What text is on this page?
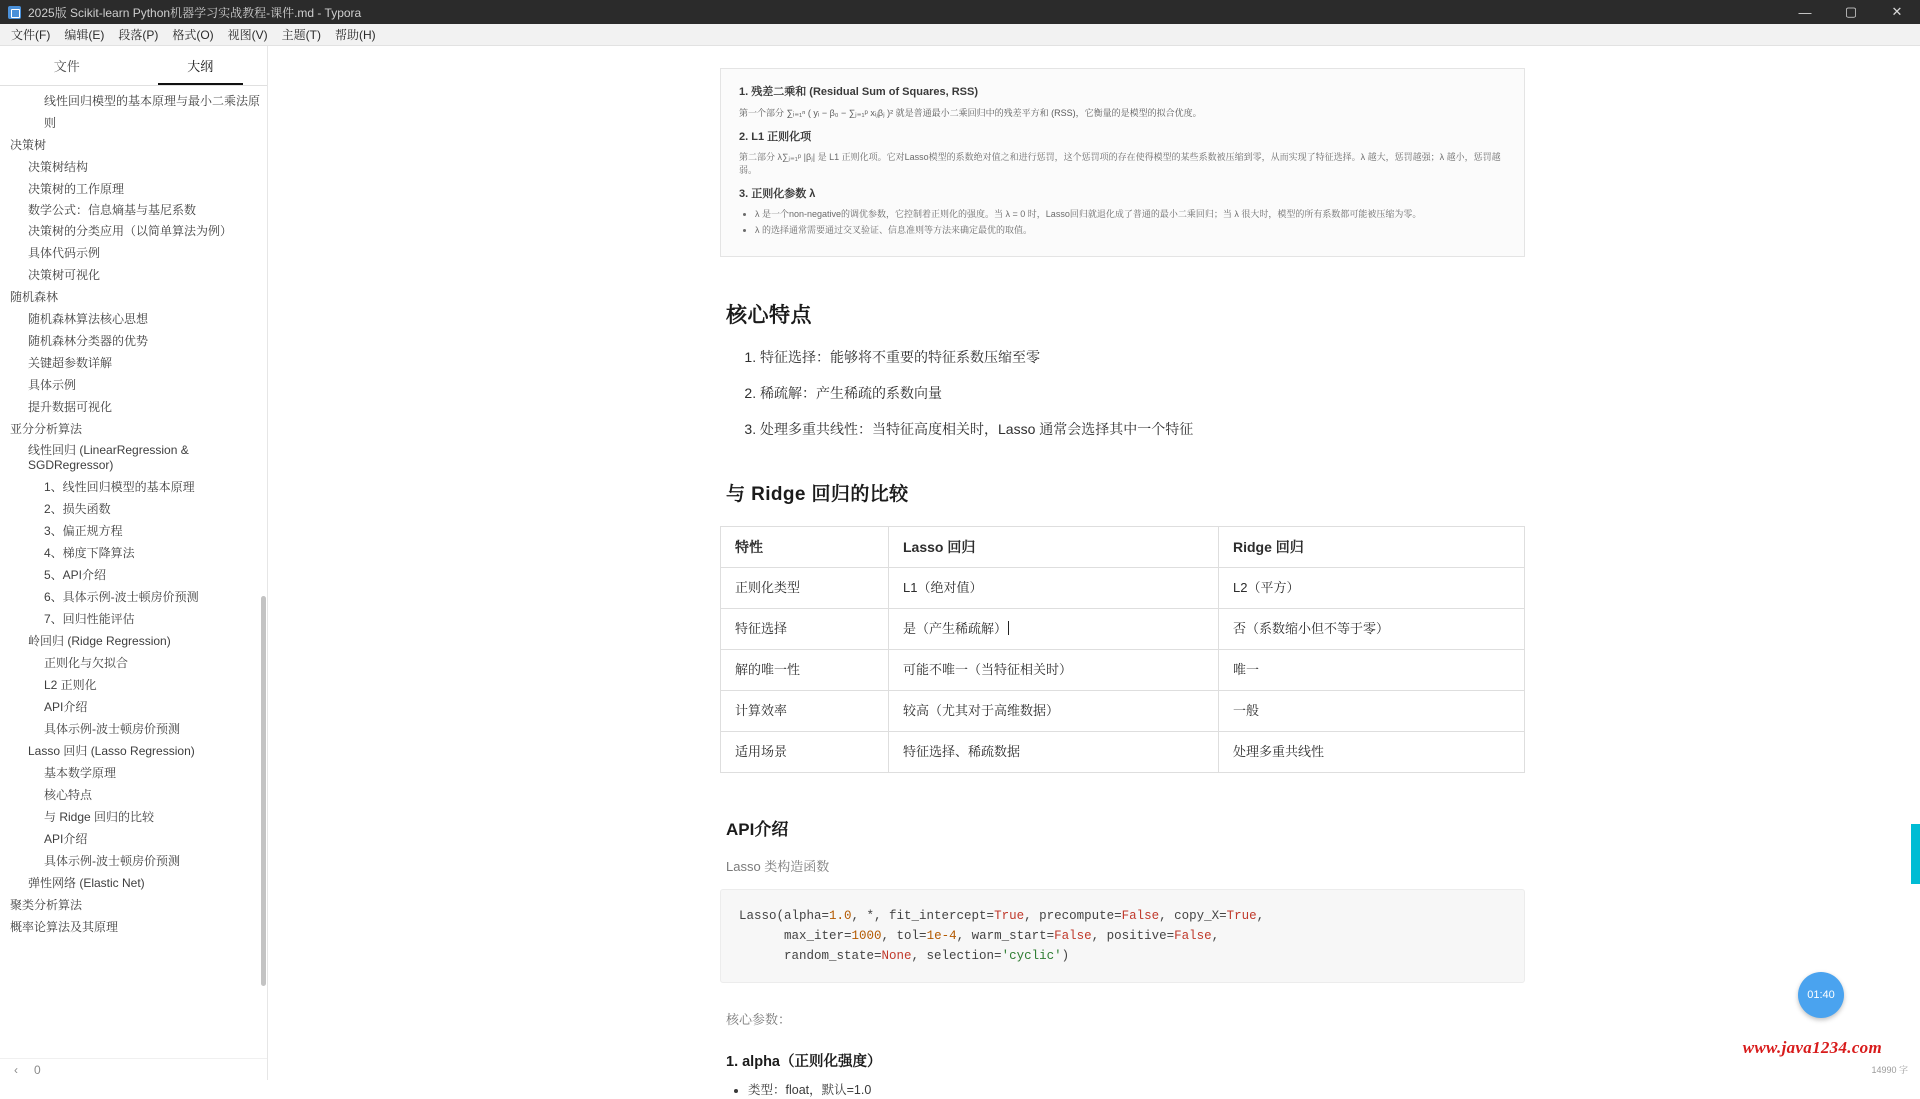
2025版 Scikit-learn Python机器学习实战教程-课件.md - Typora	—	▢	✕
文件(F)	编辑(E)	段落(P)	格式(O)	视图(V)	主题(T)	帮助(H)
文件	大纲
线性回归模型的基本原理与最小二乘法原
则
决策树
决策树结构
决策树的工作原理
数学公式：信息熵基与基尼系数
决策树的分类应用（以简单算法为例）
具体代码示例
决策树可视化
随机森林
随机森林算法核心思想
随机森林分类器的优势
关键超参数详解
具体示例
提升数据可视化
亚分分析算法
线性回归 (LinearRegression & SGDRegressor)
1、线性回归模型的基本原理
2、损失函数
3、偏正规方程
4、梯度下降算法
5、API介绍
6、具体示例-波士顿房价预测
7、回归性能评估
岭回归 (Ridge Regression)
正则化与欠拟合
L2 正则化
API介绍
具体示例-波士顿房价预测
Lasso 回归 (Lasso Regression)
基本数学原理
核心特点
与 Ridge 回归的比较
API介绍
具体示例-波士顿房价预测
弹性网络 (Elastic Net)
聚类分析算法
概率论算法及其原理
‹ 0
1. 残差二乘和 (Residual Sum of Squares, RSS)
第一个部分 ∑ᵢ₌₁ⁿ ( yᵢ − β₀ − ∑ⱼ₌₁ᵖ xᵢⱼβⱼ )² 就是普通最小二乘回归中的残差平方和 (RSS)，它衡量的是模型的拟合优度。
2. L1 正则化项
第二部分 λ∑ⱼ₌₁ᵖ |βⱼ| 是 L1 正则化项。它对Lasso模型的系数绝对值之和进行惩罚，这个惩罚项的存在使得模型的某些系数被压缩到零，从而实现了特征选择。λ 越大，惩罚越强；λ 越小，惩罚越弱。
3. 正则化参数 λ
• λ 是一个non-negative的调优参数，它控制着正则化的强度。当 λ = 0 时，Lasso回归就退化成了普通的最小二乘回归；当 λ 很大时，模型的所有系数都可能被压缩为零。
• λ 的选择通常需要通过交叉验证、信息准则等方法来确定最优的取值。
核心特点
1. 特征选择：能够将不重要的特征系数压缩至零
2. 稀疏解：产生稀疏的系数向量
3. 处理多重共线性：当特征高度相关时，Lasso 通常会选择其中一个特征
与 Ridge 回归的比较
特性	Lasso 回归	Ridge 回归
正则化类型	L1（绝对值）	L2（平方）
特征选择	是（产生稀疏解）	否（系数缩小但不等于零）
解的唯一性	可能不唯一（当特征相关时）	唯一
计算效率	较高（尤其对于高维数据）	一般
适用场景	特征选择、稀疏数据	处理多重共线性
API介绍

Lasso 类构造函数

Lasso(alpha=1.0, *, fit_intercept=True, precompute=False, copy_X=True,
max_iter=1000, tol=1e-4, warm_start=False, positive=False,
random_state=None, selection='cyclic')

核心参数：

1. alpha（正则化强度）
• 类型：float，默认=1.0
01:40
www.java1234.com
14990 字
